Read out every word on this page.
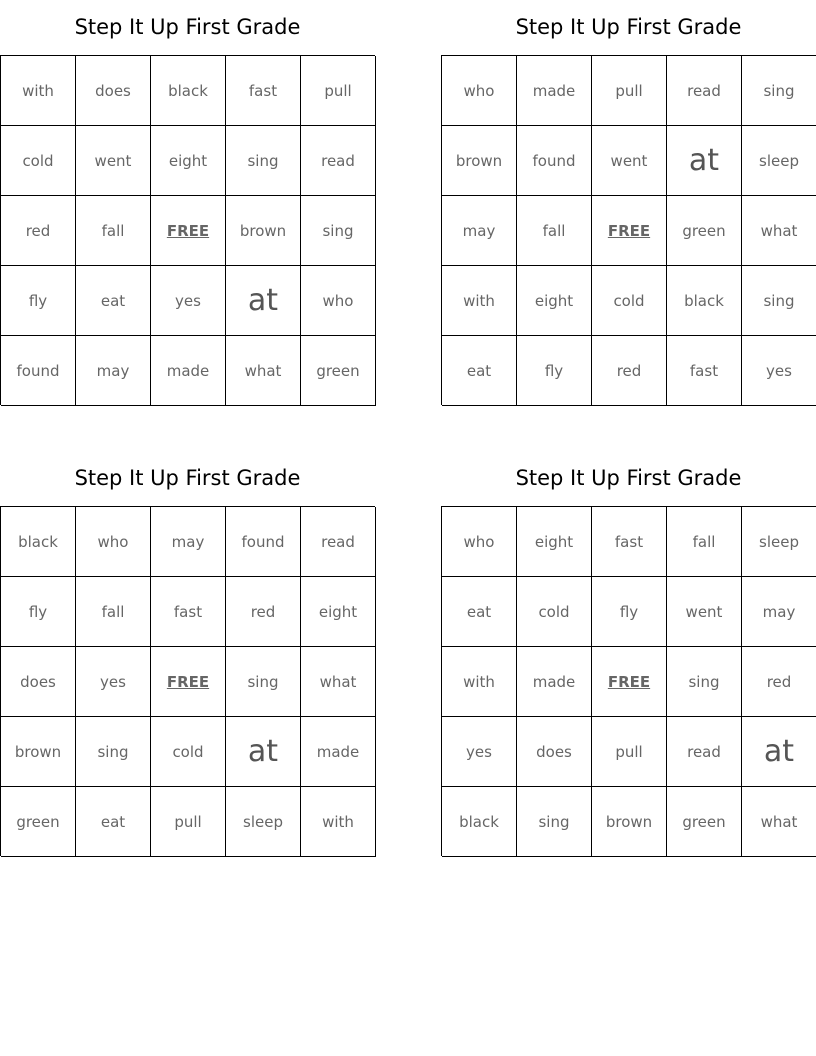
Step It Up First Grade
with	does	black	fast	pull
cold	went	eight	sing	read
red	fall	FREE	brown	sing
fly	eat	yes	at	who
found	may	made	what	green
Step It Up First Grade
who	made	pull	read	sing
brown	found	went	at	sleep
may	fall	FREE	green	what
with	eight	cold	black	sing
eat	fly	red	fast	yes
Step It Up First Grade
black	who	may	found	read
fly	fall	fast	red	eight
does	yes	FREE	sing	what
brown	sing	cold	at	made
green	eat	pull	sleep	with
Step It Up First Grade
who	eight	fast	fall	sleep
eat	cold	fly	went	may
with	made	FREE	sing	red
yes	does	pull	read	at
black	sing	brown	green	what
